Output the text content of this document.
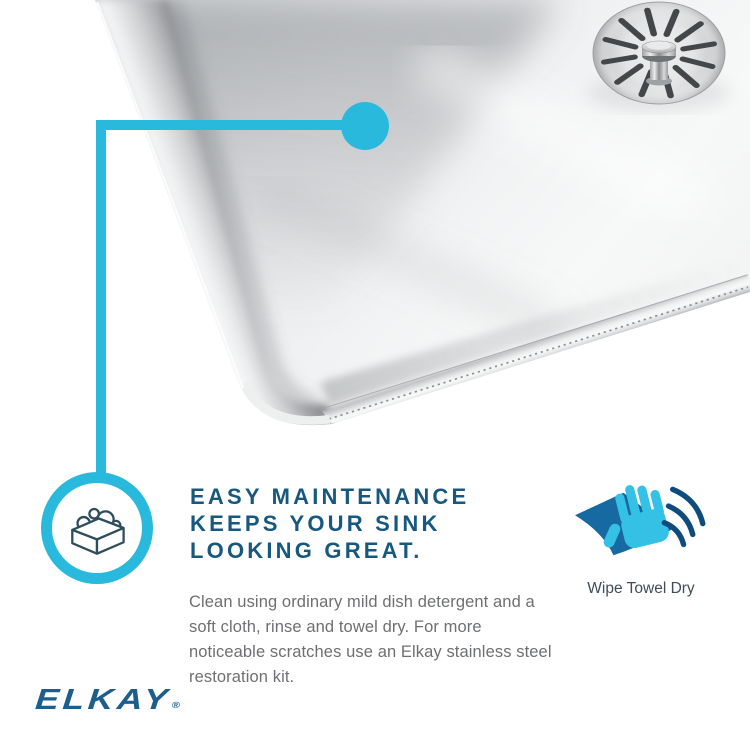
EASY MAINTENANCE
KEEPS YOUR SINK
LOOKING GREAT.

Clean using ordinary mild dish detergent and a soft cloth, rinse and towel dry. For more noticeable scratches use an Elkay stainless steel restoration kit.

Wipe Towel Dry
ELKAY®
